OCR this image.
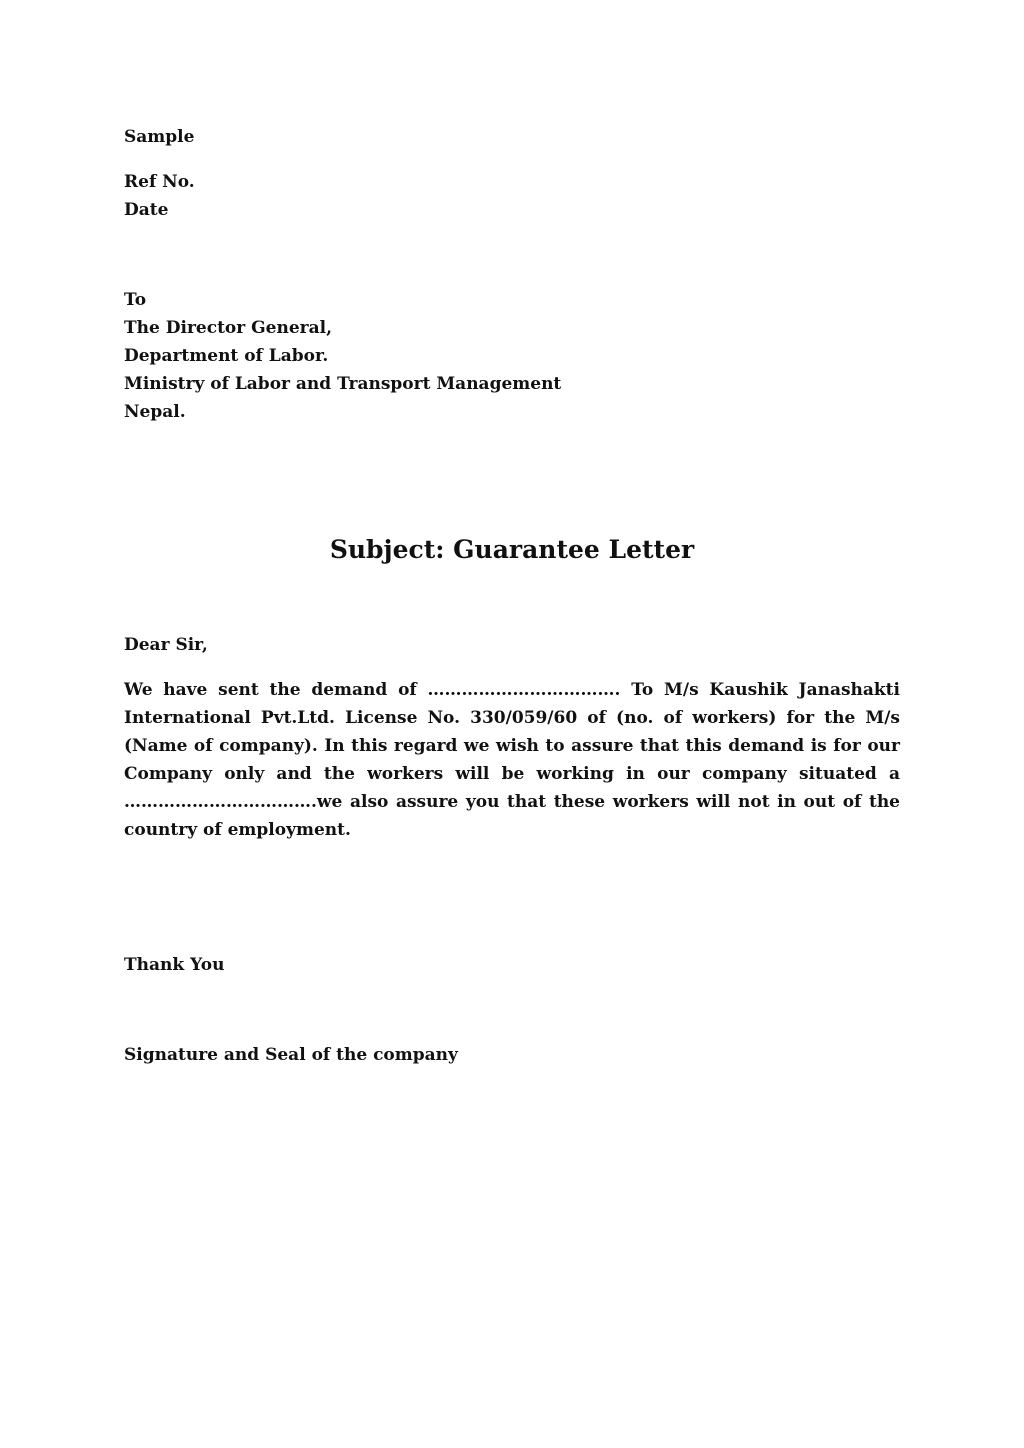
Sample
Ref No.
Date
To
The Director General,
Department of Labor.
Ministry of Labor and Transport Management
Nepal.
Subject: Guarantee Letter
Dear Sir,
We have sent the demand of ……………………………. To M/s Kaushik Janashakti International Pvt.Ltd. License No. 330/059/60 of (no. of workers) for the M/s (Name of company). In this regard we wish to assure that this demand is for our Company only and the workers will be working in our company situated a …………………………….we also assure you that these workers will not in out of the country of employment.
Thank You
Signature and Seal of the company
